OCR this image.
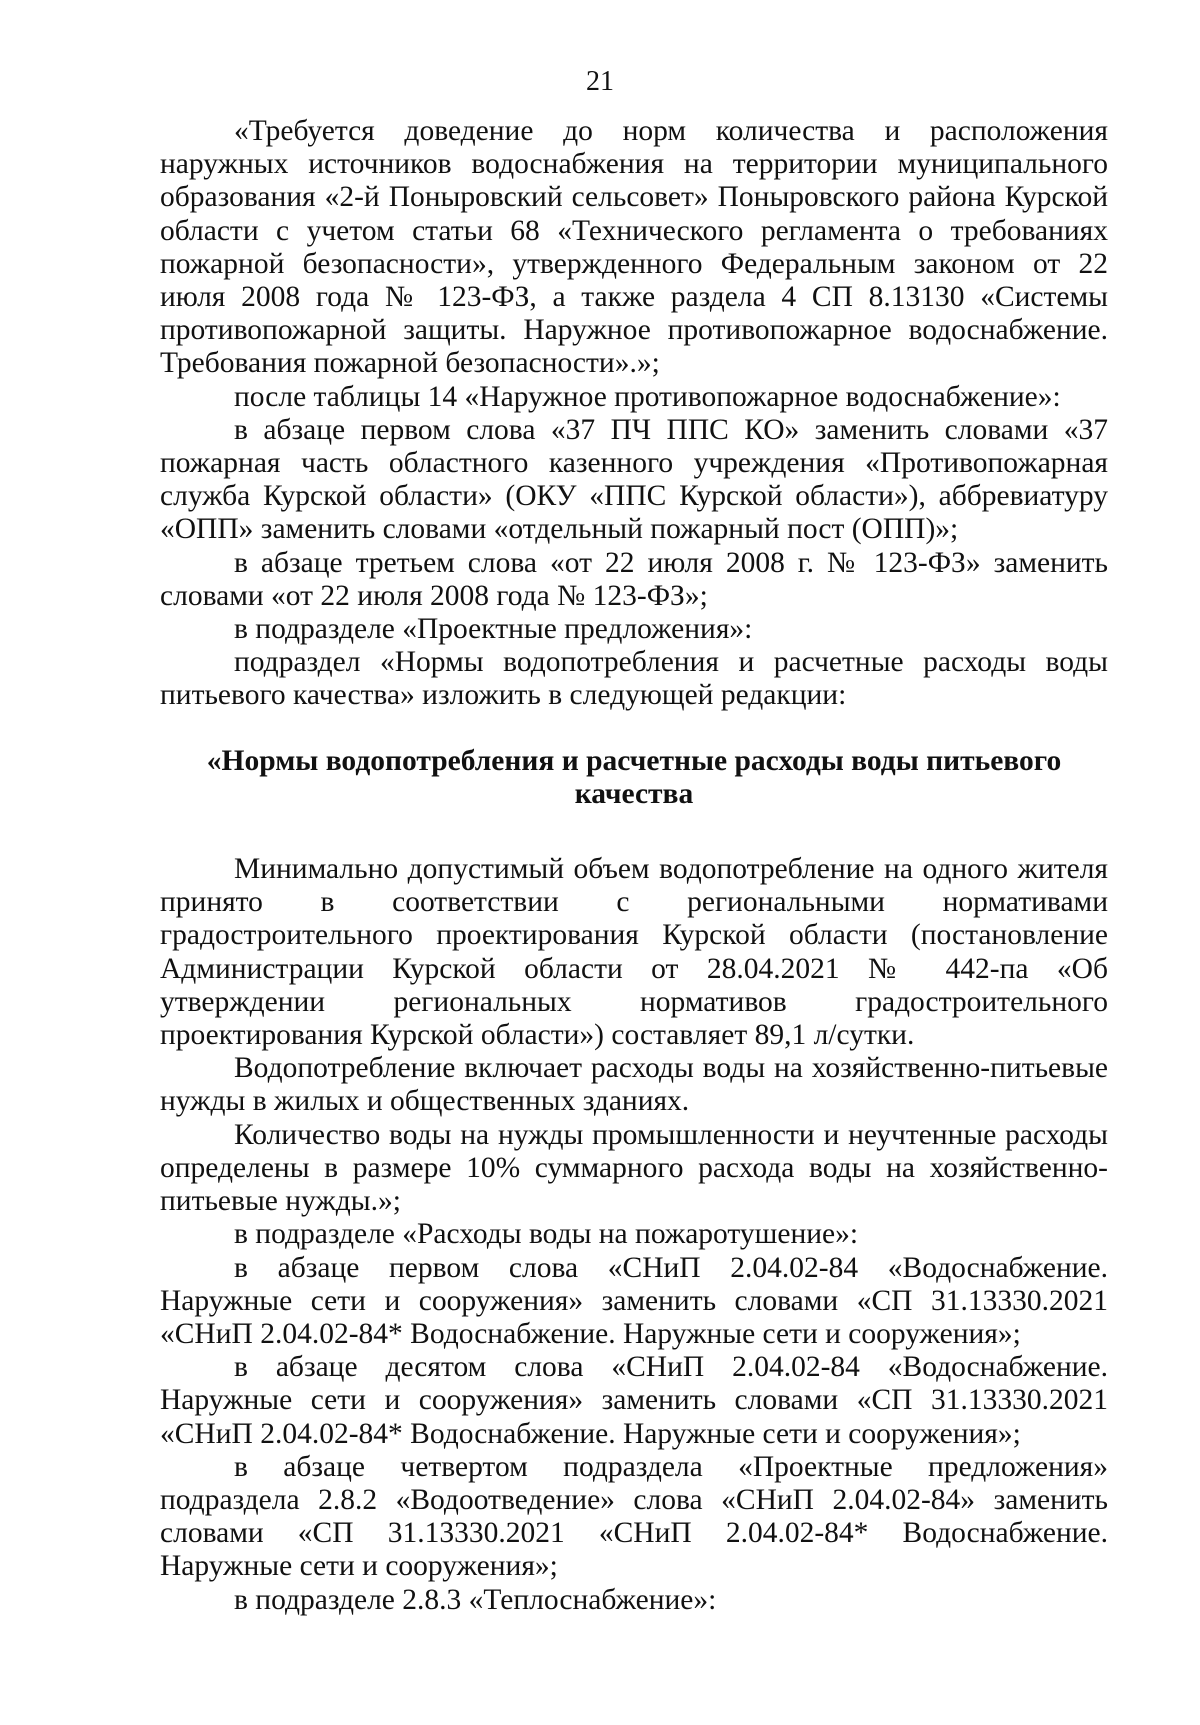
21

«Требуется доведение до норм количества и расположения наружных источников водоснабжения на территории муниципального образования «2-й Поныровский сельсовет» Поныровского района Курской области с учетом статьи 68 «Технического регламента о требованиях пожарной безопасности», утвержденного Федеральным законом от 22 июля 2008 года № 123-ФЗ, а также раздела 4 СП 8.13130 «Системы противопожарной защиты. Наружное противопожарное водоснабжение. Требования пожарной безопасности».»;

после таблицы 14 «Наружное противопожарное водоснабжение»:

в абзаце первом слова «37 ПЧ ППС КО» заменить словами «37 пожарная часть областного казенного учреждения «Противопожарная служба Курской области» (ОКУ «ППС Курской области»), аббревиатуру «ОПП» заменить словами «отдельный пожарный пост (ОПП)»;

в абзаце третьем слова «от 22 июля 2008 г. № 123-ФЗ» заменить словами «от 22 июля 2008 года № 123-ФЗ»;

в подразделе «Проектные предложения»:

подраздел «Нормы водопотребления и расчетные расходы воды питьевого качества» изложить в следующей редакции:

«Нормы водопотребления и расчетные расходы воды питьевого качества

Минимально допустимый объем водопотребление на одного жителя принято в соответствии с региональными нормативами градостроительного проектирования Курской области (постановление Администрации Курской области от 28.04.2021 № 442-па «Об утверждении региональных нормативов градостроительного проектирования Курской области») составляет 89,1 л/сутки.

Водопотребление включает расходы воды на хозяйственно-питьевые нужды в жилых и общественных зданиях.

Количество воды на нужды промышленности и неучтенные расходы определены в размере 10% суммарного расхода воды на хозяйственно-питьевые нужды.»;

в подразделе «Расходы воды на пожаротушение»:

в абзаце первом слова «СНиП 2.04.02-84 «Водоснабжение. Наружные сети и сооружения» заменить словами «СП 31.13330.2021 «СНиП 2.04.02-84* Водоснабжение. Наружные сети и сооружения»;

в абзаце десятом слова «СНиП 2.04.02-84 «Водоснабжение. Наружные сети и сооружения» заменить словами «СП 31.13330.2021 «СНиП 2.04.02-84* Водоснабжение. Наружные сети и сооружения»;

в абзаце четвертом подраздела «Проектные предложения» подраздела 2.8.2 «Водоотведение» слова «СНиП 2.04.02-84» заменить словами «СП 31.13330.2021 «СНиП 2.04.02-84* Водоснабжение. Наружные сети и сооружения»;

в подразделе 2.8.3 «Теплоснабжение»:
